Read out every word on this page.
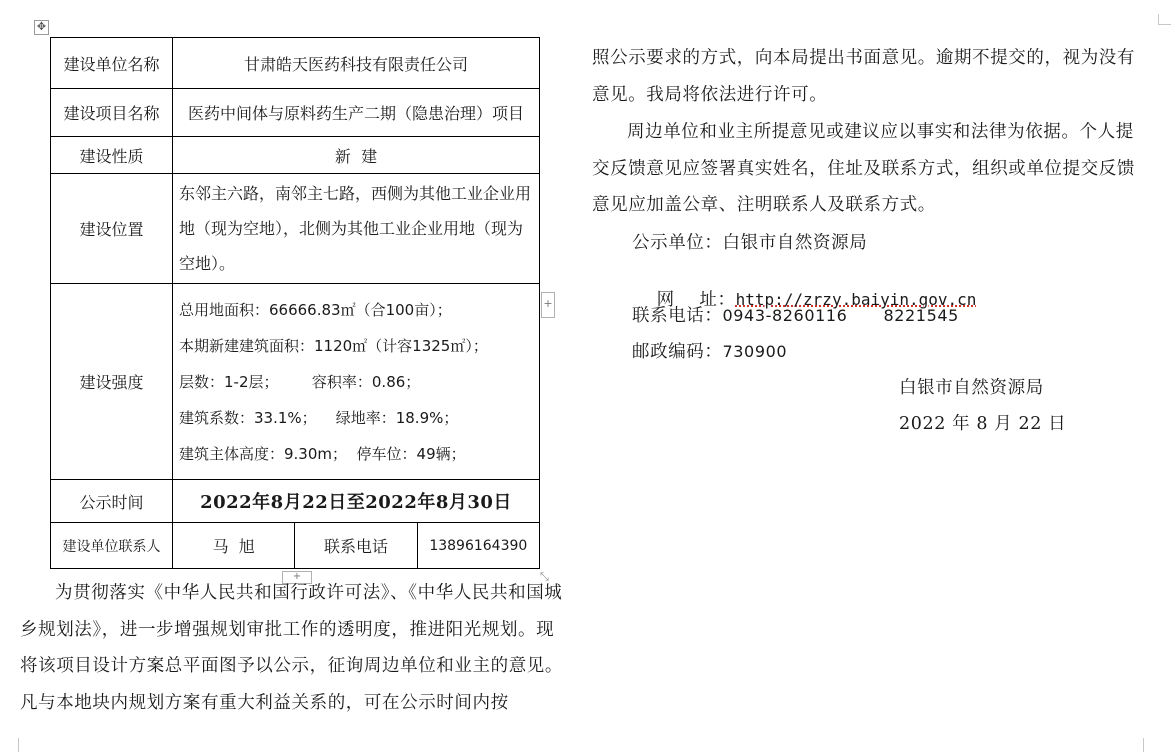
✥
建设单位名称	甘肃皓天医药科技有限责任公司		
建设项目名称	医药中间体与原料药生产二期（隐患治理）项目		
建设性质	新  建		
建设位置	东邻主六路，南邻主七路，西侧为其他工业企业用地（现为空地），北侧为其他工业企业用地（现为空地）。		
建设强度	总用地面积：66666.83㎡（合100亩）；
本期新建建筑面积：1120㎡（计容1325㎡）；
层数：1-2层；       容积率：0.86；
建筑系数：33.1%；    绿地率：18.9%；
建筑主体高度：9.30m；  停车位：49辆；		

公示时间	2022年8月22日至2022年8月30日		
建设单位联系人	马  旭	联系电话	13896164390
+
+	⤡

为贯彻落实《中华人民共和国行政许可法》、《中华人民共和国城乡规划法》，进一步增强规划审批工作的透明度，推进阳光规划。现将该项目设计方案总平面图予以公示，征询周边单位和业主的意见。凡与本地块内规划方案有重大利益关系的，可在公示时间内按

照公示要求的方式，向本局提出书面意见。逾期不提交的，视为没有意见。我局将依法进行许可。

周边单位和业主所提意见或建议应以事实和法律为依据。个人提交反馈意见应签署真实姓名，住址及联系方式，组织或单位提交反馈意见应加盖公章、注明联系人及联系方式。

公示单位：白银市自然资源局

网    址：http://zrzy.baiyin.gov.cn

联系电话：0943-8260116 8221545
邮政编码：730900
白银市自然资源局
2022 年 8 月 22 日
